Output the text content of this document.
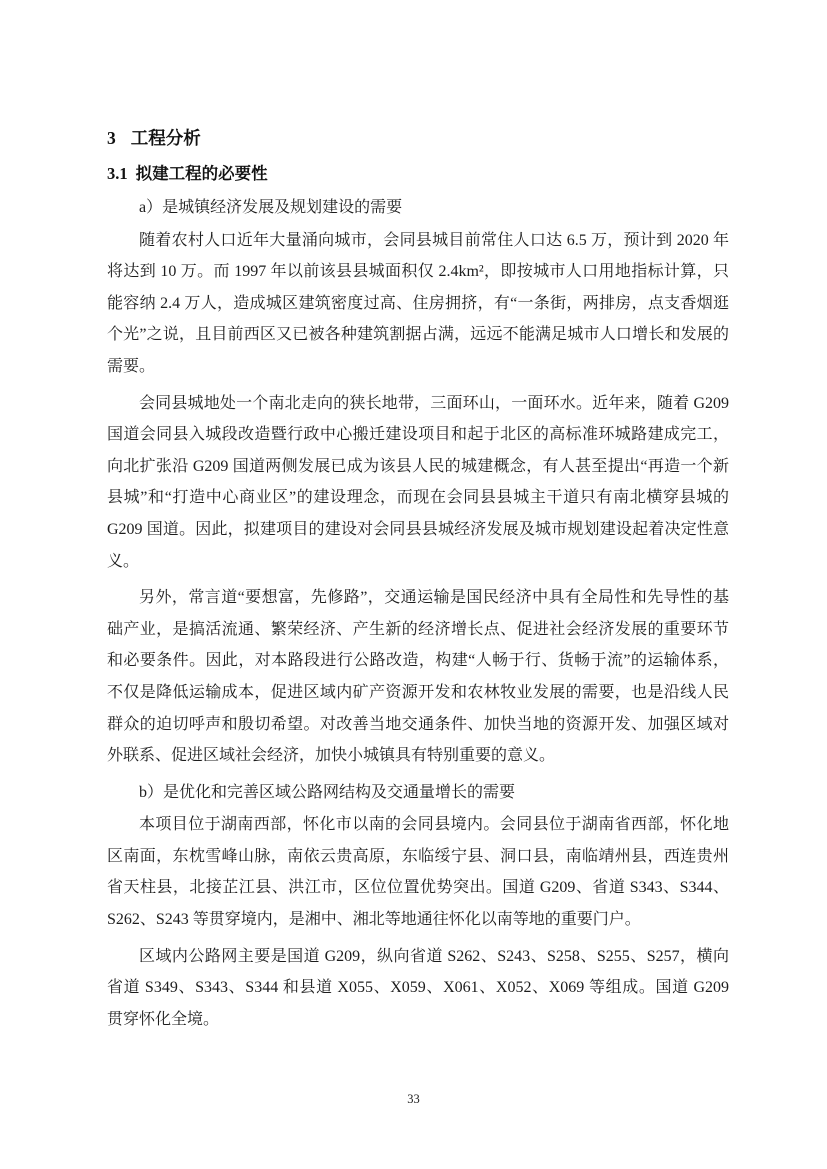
3 工程分析
3.1 拟建工程的必要性

a）是城镇经济发展及规划建设的需要

随着农村人口近年大量涌向城市，会同县城目前常住人口达 6.5 万，预计到 2020 年将达到 10 万。而 1997 年以前该县县城面积仅 2.4km²，即按城市人口用地指标计算，只能容纳 2.4 万人，造成城区建筑密度过高、住房拥挤，有“一条街，两排房，点支香烟逛个光”之说，且目前西区又已被各种建筑割据占满，远远不能满足城市人口增长和发展的需要。

会同县城地处一个南北走向的狭长地带，三面环山，一面环水。近年来，随着 G209 国道会同县入城段改造暨行政中心搬迁建设项目和起于北区的高标准环城路建成完工，向北扩张沿 G209 国道两侧发展已成为该县人民的城建概念，有人甚至提出“再造一个新县城”和“打造中心商业区”的建设理念，而现在会同县县城主干道只有南北横穿县城的 G209 国道。因此，拟建项目的建设对会同县县城经济发展及城市规划建设起着决定性意义。

另外，常言道“要想富，先修路”，交通运输是国民经济中具有全局性和先导性的基础产业，是搞活流通、繁荣经济、产生新的经济增长点、促进社会经济发展的重要环节和必要条件。因此，对本路段进行公路改造，构建“人畅于行、货畅于流”的运输体系，不仅是降低运输成本，促进区域内矿产资源开发和农林牧业发展的需要，也是沿线人民群众的迫切呼声和殷切希望。对改善当地交通条件、加快当地的资源开发、加强区域对外联系、促进区域社会经济，加快小城镇具有特别重要的意义。

b）是优化和完善区域公路网结构及交通量增长的需要

本项目位于湖南西部，怀化市以南的会同县境内。会同县位于湖南省西部，怀化地区南面，东枕雪峰山脉，南依云贵高原，东临绥宁县、洞口县，南临靖州县，西连贵州省天柱县，北接芷江县、洪江市，区位位置优势突出。国道 G209、省道 S343、S344、S262、S243 等贯穿境内，是湘中、湘北等地通往怀化以南等地的重要门户。

区域内公路网主要是国道 G209，纵向省道 S262、S243、S258、S255、S257，横向省道 S349、S343、S344 和县道 X055、X059、X061、X052、X069 等组成。国道 G209 贯穿怀化全境。

33
